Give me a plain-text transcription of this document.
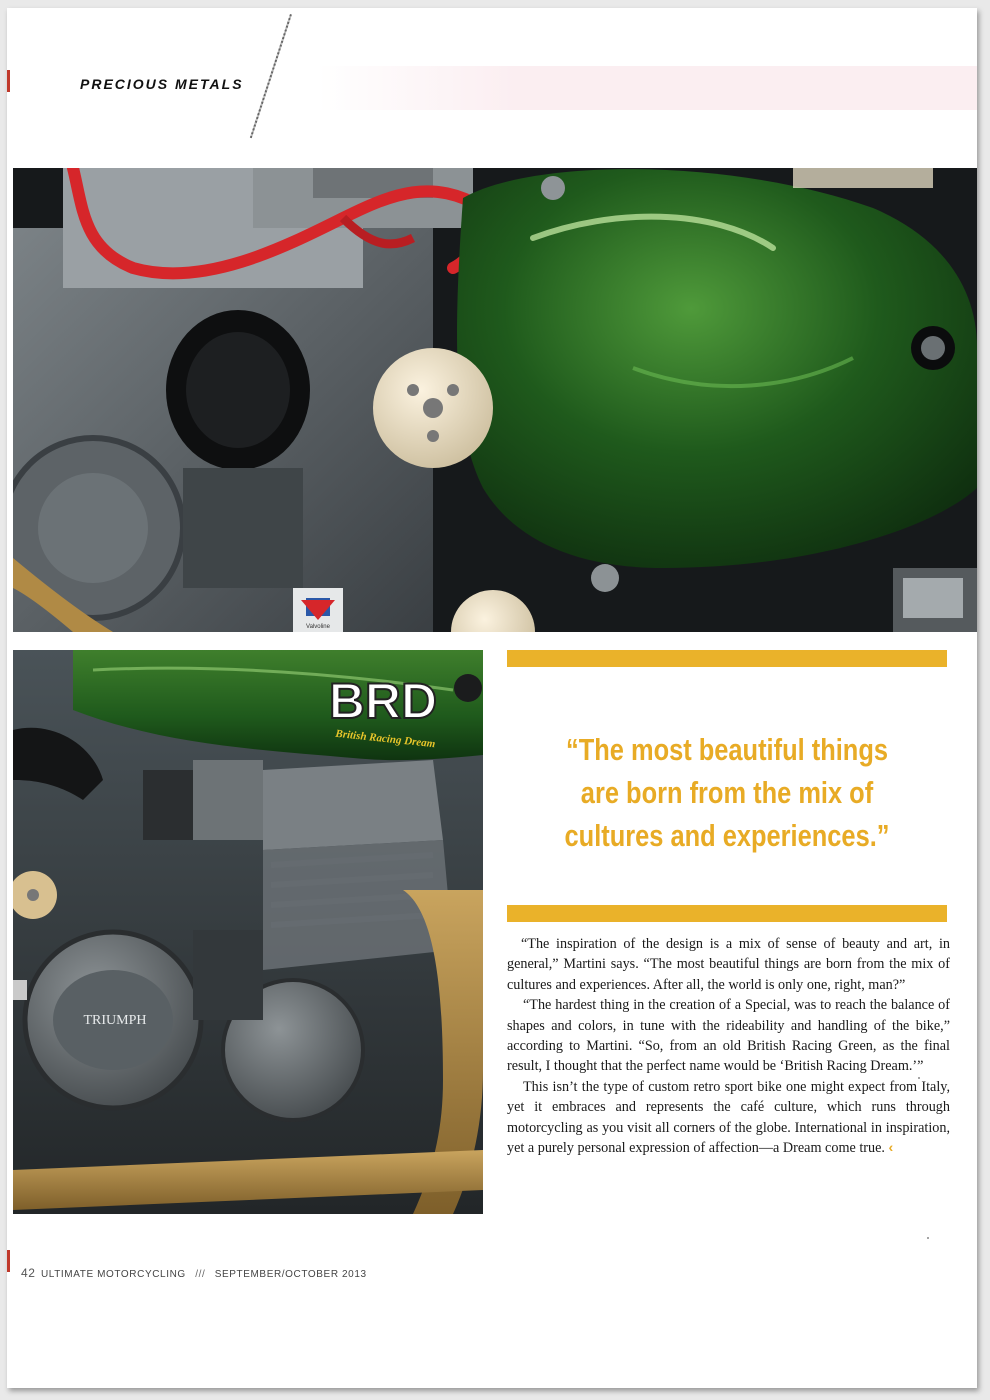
PRECIOUS METALS
Valvoline
BRD
British Racing Dream
TRIUMPH
“The most beautiful things
are born from the mix of
cultures and experiences.”

“The inspiration of the design is a mix of sense of beauty and art, in general,” Martini says. “The most beautiful things are born from the mix of cultures and experiences. After all, the world is only one, right, man?”

“The hardest thing in the creation of a Special, was to reach the balance of shapes and colors, in tune with the rideability and handling of the bike,” according to Martini. “So, from an old British Racing Green, as the final result, I thought that the perfect name would be ‘British Racing Dream.’”

This isn’t the type of custom retro sport bike one might expect from Italy, yet it embraces and represents the café culture, which runs through motorcycling as you visit all corners of the globe. International in inspiration, yet a purely personal expression of affection—a Dream come true. ‹

42 ULTIMATE MOTORCYCLING /// SEPTEMBER/OCTOBER 2013
